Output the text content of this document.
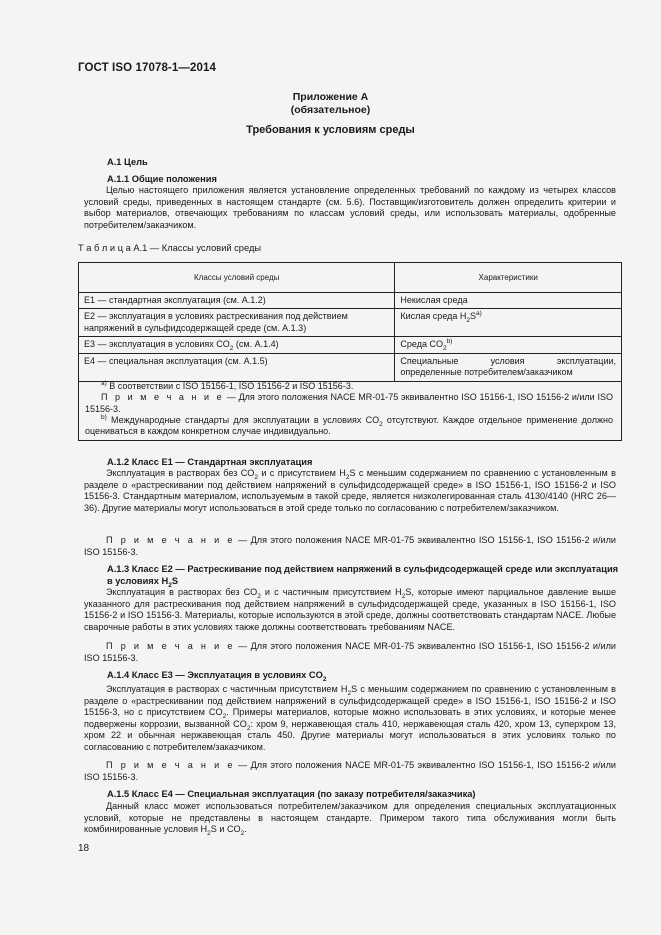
ГОСТ ISO 17078-1—2014
Приложение А
(обязательное)
Требования к условиям среды
А.1 Цель
А.1.1 Общие положения
Целью настоящего приложения является установление определенных требований по каждому из четырех классов условий среды, приведенных в настоящем стандарте (см. 5.6). Поставщик/изготовитель должен определить критерии и выбор материалов, отвечающих требованиям по классам условий среды, или использовать материалы, одобренные потребителем/заказчиком.
Т а б л и ц а А.1 — Классы условий среды
Классы условий среды	Характеристики
Е1 — стандартная эксплуатация (см. А.1.2)	Некислая среда
Е2 — эксплуатация в условиях растрескивания под действием напряжений в сульфидсодержащей среде (см. А.1.3)	Кислая среда $H_2S^{a)}$
Е3 — эксплуатация в условиях $CO_2$ (см. А.1.4)	Среда $CO_2^{b)}$
Е4 — специальная эксплуатация (см. А.1.5)	Специальные условия эксплуатации, определенные потребителем/заказчиком

$^{a)}$ В соответствии с ISO 15156-1, ISO 15156-2 и ISO 15156-3.

П р и м е ч а н и е — Для этого положения NACE MR-01-75 эквивалентно ISO 15156-1, ISO 15156-2 и/или ISO 15156-3.

$^{b)}$ Международные стандарты для эксплуатации в условиях $CO_2$ отсутствуют. Каждое отдельное применение должно оцениваться в каждом конкретном случае индивидуально.

А.1.2 Класс Е1 — Стандартная эксплуатация
Эксплуатация в растворах без $CO_2$ и с присутствием $H_2S$ с меньшим содержанием по сравнению с установленным в разделе о «растрескивании под действием напряжений в сульфидсодержащей среде» в ISO 15156-1, ISO 15156-2 и ISO 15156-3. Стандартным материалом, используемым в такой среде, является низколегированная сталь 4130/4140 (HRC 26—36). Другие материалы могут использоваться в этой среде только по согласованию с потребителем/заказчиком.
П р и м е ч а н и е — Для этого положения NACE MR-01-75 эквивалентно ISO 15156-1, ISO 15156-2 и/или ISO 15156-3.
А.1.3 Класс Е2 — Растрескивание под действием напряжений в сульфидсодержащей среде или эксплуатация в условиях $H_2S$
Эксплуатация в растворах без $CO_2$ и с частичным присутствием $H_2S$, которые имеют парциальное давление выше указанного для растрескивания под действием напряжений в сульфидсодержащей среде, указанных в ISO 15156-1, ISO 15156-2 и ISO 15156-3. Материалы, которые используются в этой среде, должны соответствовать стандартам NACE. Любые сварочные работы в этих условиях также должны соответствовать требованиям NACE.
П р и м е ч а н и е — Для этого положения NACE MR-01-75 эквивалентно ISO 15156-1, ISO 15156-2 и/или ISO 15156-3.
А.1.4 Класс Е3 — Эксплуатация в условиях $CO_2$
Эксплуатация в растворах с частичным присутствием $H_2S$ с меньшим содержанием по сравнению с установленным в разделе о «растрескивании под действием напряжений в сульфидсодержащей среде» в ISO 15156-1, ISO 15156-2 и ISO 15156-3, но с присутствием $CO_2$. Примеры материалов, которые можно использовать в этих условиях, и которые менее подвержены коррозии, вызванной $CO_2$: хром 9, нержавеющая сталь 410, нержавеющая сталь 420, хром 13, суперхром 13, хром 22 и обычная нержавеющая сталь 450. Другие материалы могут использоваться в этих условиях только по согласованию с потребителем/заказчиком.
П р и м е ч а н и е — Для этого положения NACE MR-01-75 эквивалентно ISO 15156-1, ISO 15156-2 и/или ISO 15156-3.
А.1.5 Класс Е4 — Специальная эксплуатация (по заказу потребителя/заказчика)
Данный класс может использоваться потребителем/заказчиком для определения специальных эксплуатационных условий, которые не представлены в настоящем стандарте. Примером такого типа обслуживания могли быть комбинированные условия $H_2S$ и $CO_2$.
18
